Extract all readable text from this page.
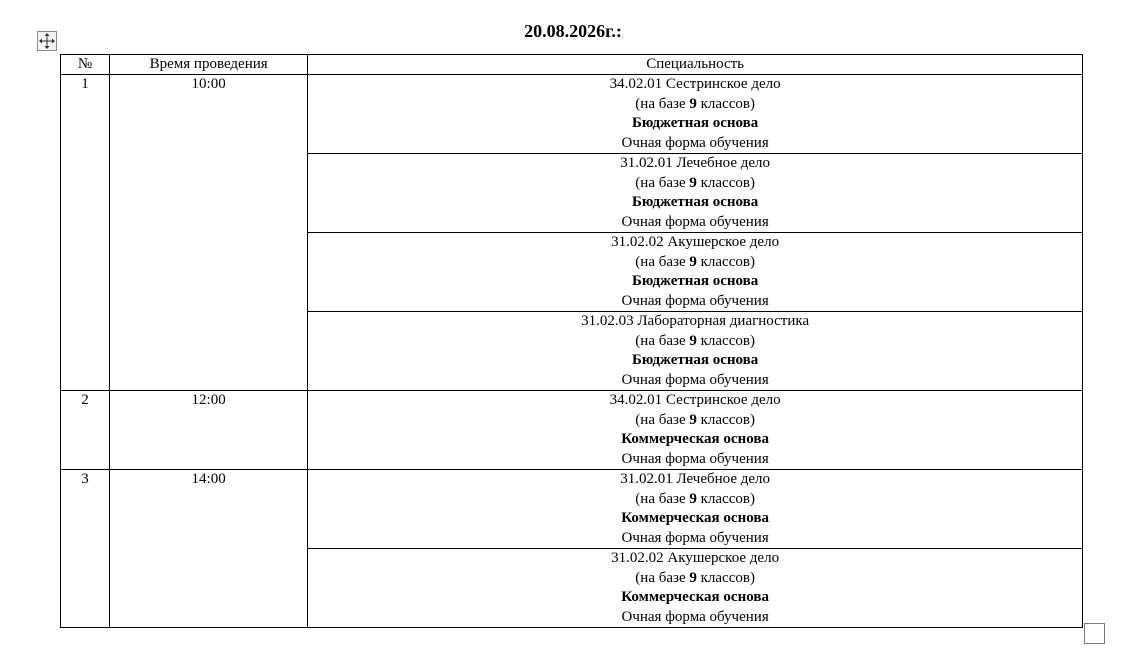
20.08.2026г.:
№	Время проведения	Специальность
1	10:00	34.02.01 Сестринское дело
(на базе 9 классов)
Бюджетная основа
Очная форма обучения

		31.02.01 Лечебное дело
(на базе 9 классов)
Бюджетная основа
Очная форма обучения

		31.02.02 Акушерское дело
(на базе 9 классов)
Бюджетная основа
Очная форма обучения

		31.02.03 Лабораторная диагностика
(на базе 9 классов)
Бюджетная основа
Очная форма обучения

2	12:00	34.02.01 Сестринское дело
(на базе 9 классов)
Коммерческая основа
Очная форма обучения

3	14:00	31.02.01 Лечебное дело
(на базе 9 классов)
Коммерческая основа
Очная форма обучения

		31.02.02 Акушерское дело
(на базе 9 классов)
Коммерческая основа
Очная форма обучения
